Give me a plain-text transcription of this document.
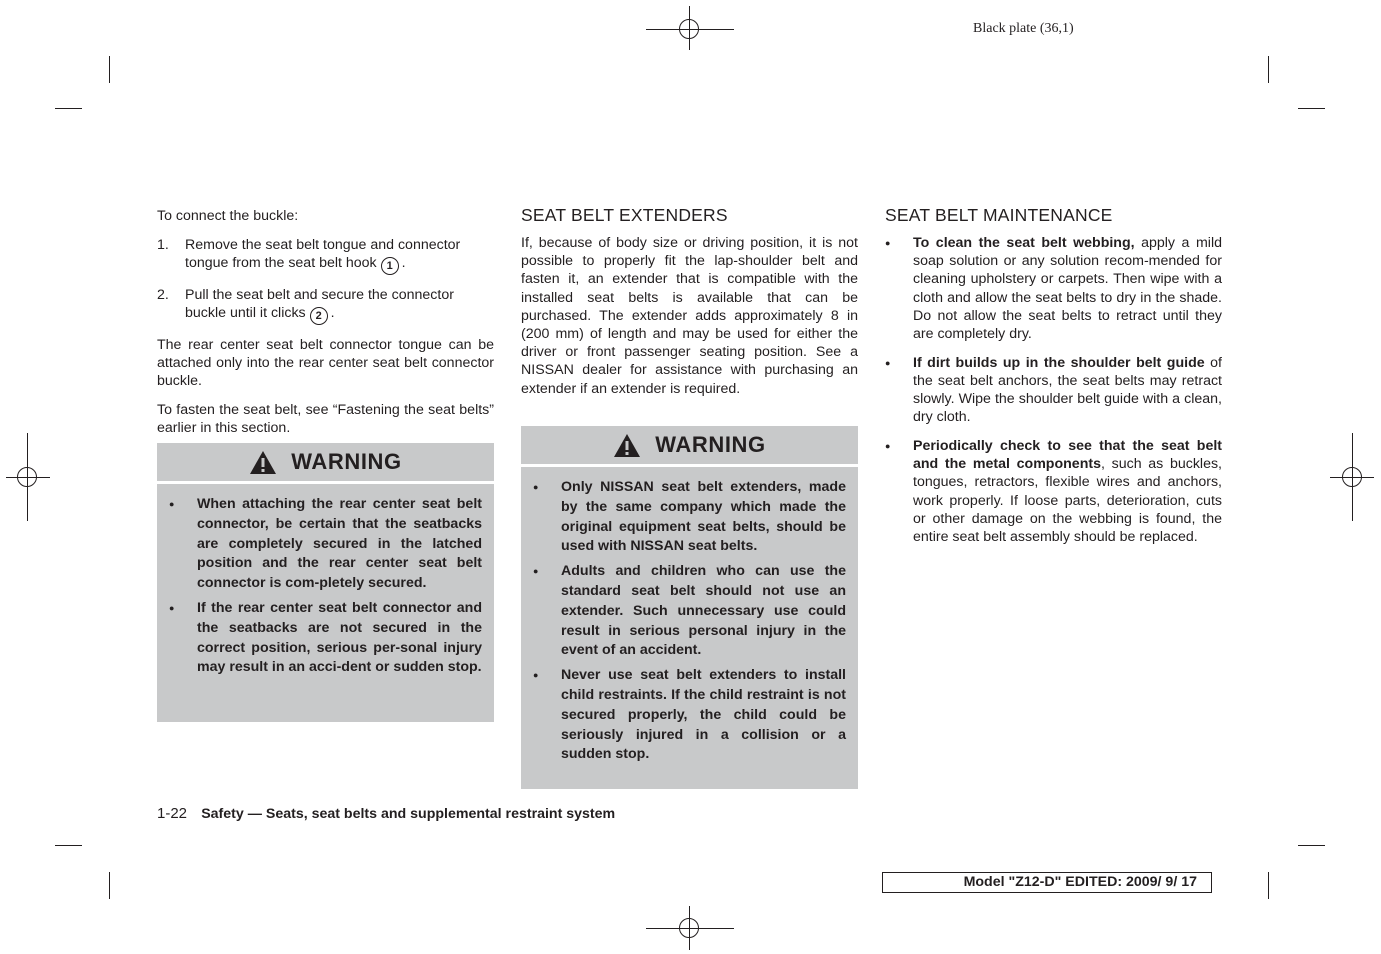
Black plate (36,1)

To connect the buckle:

1. Remove the seat belt tongue and connector tongue from the seat belt hook 1 .
2. Pull the seat belt and secure the connector buckle until it clicks 2 .

The rear center seat belt connector tongue can be attached only into the rear center seat belt connector buckle.

To fasten the seat belt, see “Fastening the seat belts” earlier in this section.

WARNING
● When attaching the rear center seat belt connector, be certain that the seatbacks are completely secured in the latched position and the rear center seat belt connector is com-pletely secured.
● If the rear center seat belt connector and the seatbacks are not secured in the correct position, serious per-sonal injury may result in an acci-dent or sudden stop.
SEAT BELT EXTENDERS

If, because of body size or driving position, it is not possible to properly fit the lap-shoulder belt and fasten it, an extender that is compatible with the installed seat belts is available that can be purchased. The extender adds approximately 8 in (200 mm) of length and may be used for either the driver or front passenger seating position. See a NISSAN dealer for assistance with purchasing an extender if an extender is required.

WARNING
● Only NISSAN seat belt extenders, made by the same company which made the original equipment seat belts, should be used with NISSAN seat belts.
● Adults and children who can use the standard seat belt should not use an extender. Such unnecessary use could result in serious personal injury in the event of an accident.
● Never use seat belt extenders to install child restraints. If the child restraint is not secured properly, the child could be seriously injured in a collision or a sudden stop.
SEAT BELT MAINTENANCE
● To clean the seat belt webbing, apply a mild soap solution or any solution recom-mended for cleaning upholstery or carpets. Then wipe with a cloth and allow the seat belts to dry in the shade. Do not allow the seat belts to retract until they are completely dry.
● If dirt builds up in the shoulder belt guide of the seat belt anchors, the seat belts may retract slowly. Wipe the shoulder belt guide with a clean, dry cloth.
● Periodically check to see that the seat belt and the metal components, such as buckles, tongues, retractors, flexible wires and anchors, work properly. If loose parts, deterioration, cuts or other damage on the webbing is found, the entire seat belt assembly should be replaced.
1-22 Safety — Seats, seat belts and supplemental restraint system
Model "Z12-D" EDITED: 2009/ 9/ 17
